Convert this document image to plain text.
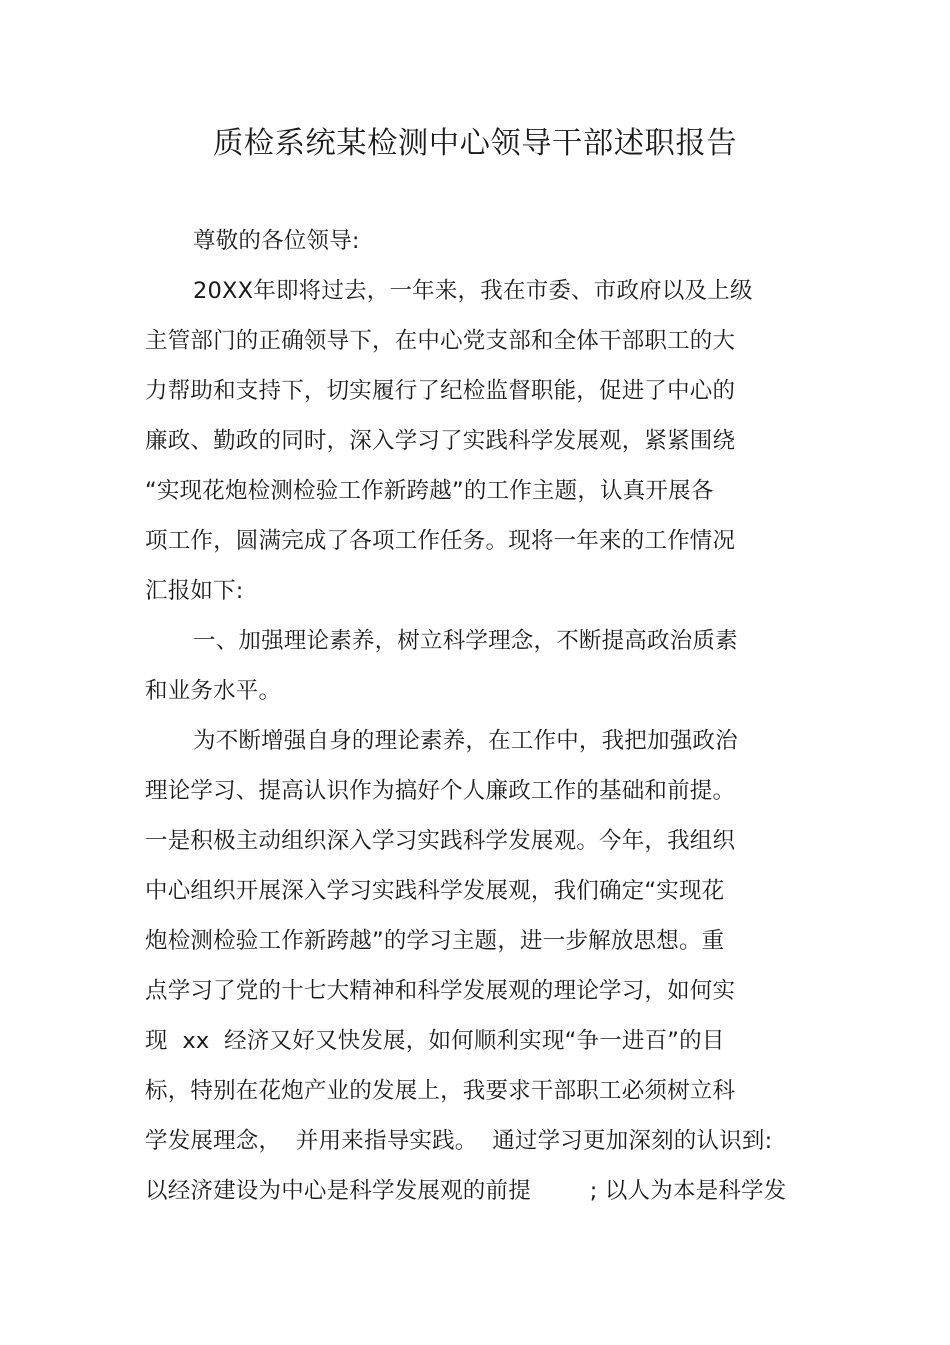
质检系统某检测中心领导干部述职报告
尊敬的各位领导:
20XX年即将过去，一年来，我在市委、市政府以及上级
主管部门的正确领导下，在中心党支部和全体干部职工的大
力帮助和支持下，切实履行了纪检监督职能，促进了中心的
廉政、勤政的同时，深入学习了实践科学发展观，紧紧围绕
“实现花炮检测检验工作新跨越”的工作主题，认真开展各
项工作，圆满完成了各项工作任务。现将一年来的工作情况
汇报如下:
一、加强理论素养，树立科学理念，不断提高政治质素
和业务水平。
为不断增强自身的理论素养，在工作中，我把加强政治
理论学习、提高认识作为搞好个人廉政工作的基础和前提。
一是积极主动组织深入学习实践科学发展观。今年，我组织
中心组织开展深入学习实践科学发展观，我们确定“实现花
炮检测检验工作新跨越”的学习主题，进一步解放思想。重
点学习了党的十七大精神和科学发展观的理论学习，如何实
现  xx  经济又好又快发展，如何顺利实现“争一进百”的目
标，特别在花炮产业的发展上，我要求干部职工必须树立科
学发展理念，  并用来指导实践。  通过学习更加深刻的认识到:
以经济建设为中心是科学发展观的前提        ; 以人为本是科学发
